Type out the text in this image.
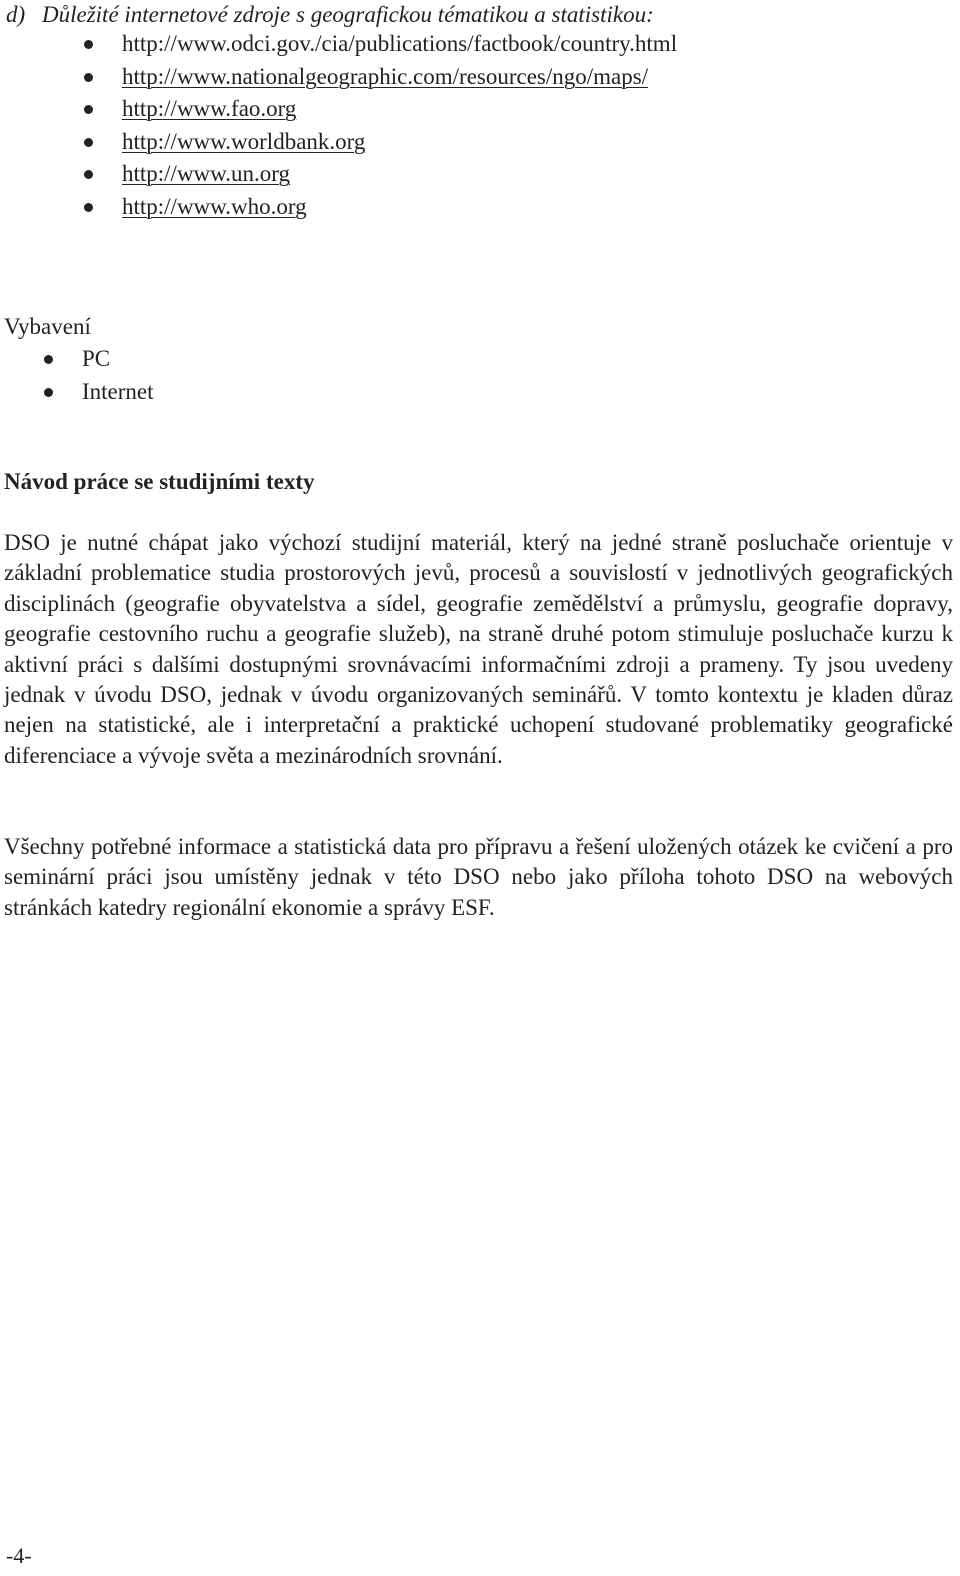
d) Důležité internetové zdroje s geografickou tématikou a statistikou:
http://www.odci.gov./cia/publications/factbook/country.html
http://www.nationalgeographic.com/resources/ngo/maps/
http://www.fao.org
http://www.worldbank.org
http://www.un.org
http://www.who.org
Vybavení
PC
Internet
Návod práce se studijními texty

DSO je nutné chápat jako výchozí studijní materiál, který na jedné straně posluchače orientuje v základní problematice studia prostorových jevů, procesů a souvislostí v jednotlivých geografických disciplinách (geografie obyvatelstva a sídel, geografie zemědělství a průmyslu, geografie dopravy, geografie cestovního ruchu a geografie služeb), na straně druhé potom stimuluje posluchače kurzu k aktivní práci s dalšími dostupnými srovnávacími informačními zdroji a prameny. Ty jsou uvedeny jednak v úvodu DSO, jednak v úvodu organizovaných seminářů. V tomto kontextu je kladen důraz nejen na statistické, ale i interpretační a praktické uchopení studované problematiky geografické diferenciace a vývoje světa a mezinárodních srovnání.

Všechny potřebné informace a statistická data pro přípravu a řešení uložených otázek ke cvičení a pro seminární práci jsou umístěny jednak v této DSO nebo jako příloha tohoto DSO na webových stránkách katedry regionální ekonomie a správy ESF.

-4-
